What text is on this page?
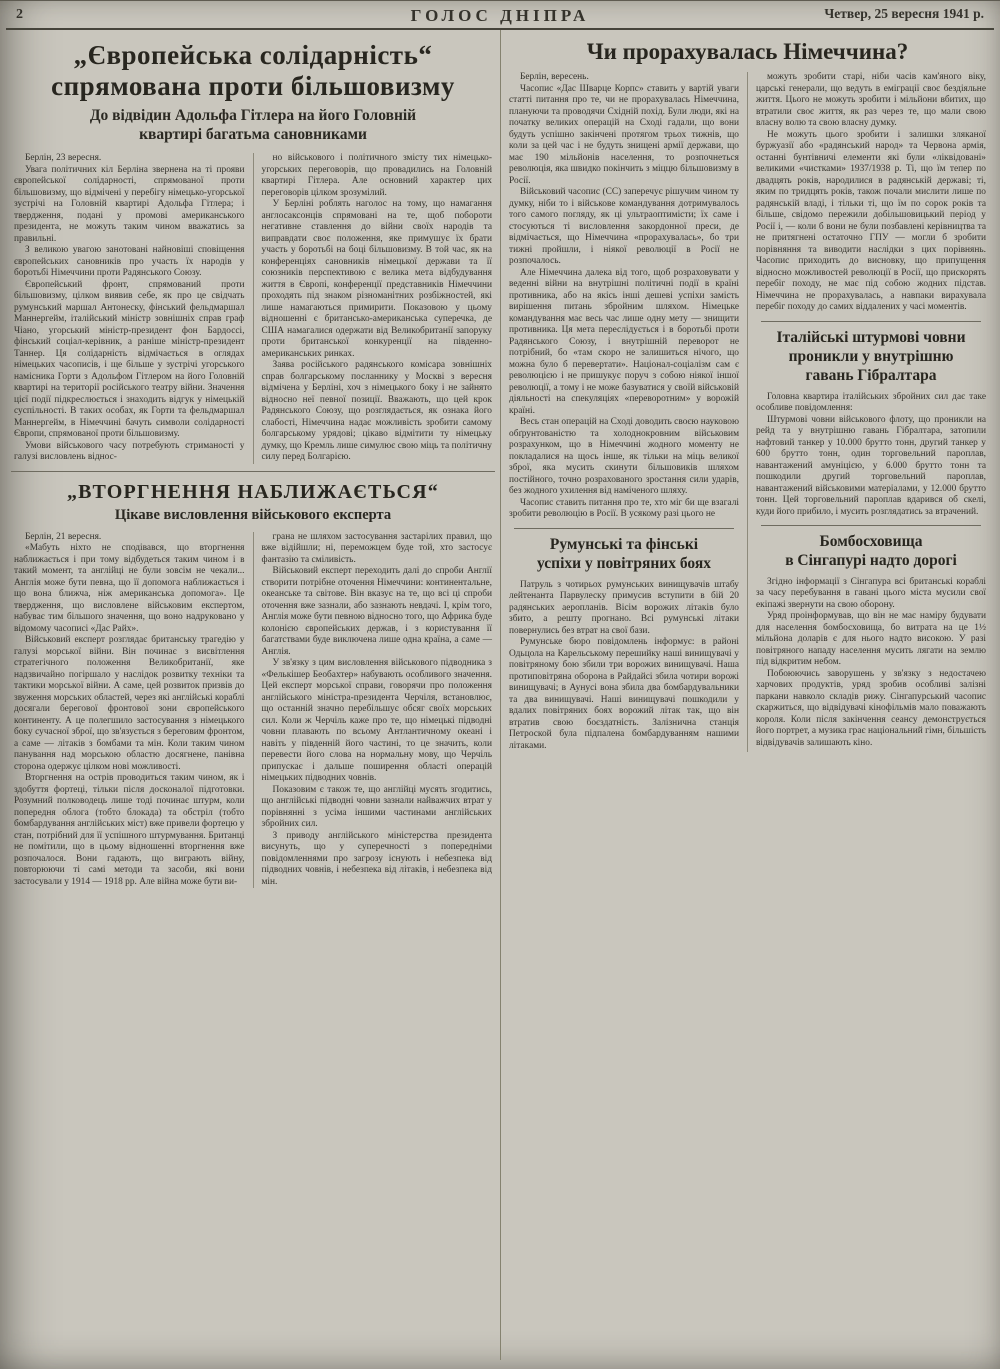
2	ГОЛОС ДНІПРА	Четвер, 25 вересня 1941 р.
„Європейська солідарність“
спрямована проти більшовизму
До відвідин Адольфа Гітлера на його Головній
квартирі багатьма сановниками

Берлін, 23 вересня.

Увага політичних кіл Берліна звернена на ті прояви європейської солідарності, спрямованої проти більшовизму, що відмічені у перебігу німецько-угорської зустрічі на Головній квартирі Адольфа Гітлера; і твердження, подані у промові американського президента, не можуть таким чином вважатись за правильні.

З великою увагою занотовані найновіші сповіщення європейських сановників про участь їх народів у боротьбі Німеччини проти Радянського Союзу.

Європейський фронт, спрямований проти більшовизму, цілком виявив себе, як про це свідчать румунський маршал Антонеску, фінський фельдмаршал Маннергейм, італійський міністр зовнішніх справ граф Чіано, угорський міністр-президент фон Бардоссі, фінський соціал-керівник, а раніше міністр-президент Таннер. Ця солідарність відмічається в оглядах німецьких часописів, і ще більше у зустрічі угорського намісника Горти з Адольфом Гітлером на його Головній квартирі на території російського театру війни. Значення цієї події підкреслюється і знаходить відгук у німецькій суспільності. В таких особах, як Горти та фельдмаршал Маннергейм, в Німеччині бачуть символи солідарності Європи, спрямованої проти більшовизму.

Умови військового часу потребують стриманості у галузі висловлень віднос-

но військового і політичного змісту тих німецько-угорських переговорів, що провадились на Головній квартирі Гітлера. Але основний характер цих переговорів цілком зрозумілий.

У Берліні роблять наголос на тому, що намагання англосаксонців спрямовані на те, щоб побороти негативне ставлення до війни своїх народів та виправдати своє положення, яке примушує їх брати участь у боротьбі на боці більшовизму. В той час, як на конференціях сановників німецької держави та її союзників перспективою є велика мета відбудування життя в Європі, конференції представників Німеччини проходять під знаком різноманітних розбіжностей, які лише намагаються примирити. Показовою у цьому відношенні є британсько-американська суперечка, де США намагалися одержати від Великобританії запоруку проти британської конкуренції на південно-американських ринках.

Заява російського радянського комісара зовнішніх справ болгарському посланнику у Москві з вересня відмічена у Берліні, хоч з німецького боку і не зайнято відносно неї певної позиції. Вважають, що цей крок Радянського Союзу, що розглядається, як ознака його слабості, Німеччина надає можливість зробити самому болгарському урядові; цікаво відмітити ту німецьку думку, що Кремль лише симулює свою міць та політичну силу перед Болгарією.

„ВТОРГНЕННЯ НАБЛИЖАЄТЬСЯ“
Цікаве висловлення військового експерта

Берлін, 21 вересня.

«Мабуть ніхто не сподівався, що вторгнення наближається і при тому відбудеться таким чином і в такий момент, та англійці не були зовсім не чекали... Англія може бути певна, що її допомога наближається і що вона ближча, ніж американська допомога». Це твердження, що висловлене військовим експертом, набуває тим більшого значення, що воно надруковано у відомому часописі «Дас Райх».

Військовий експерт розглядає британську трагедію у галузі морської війни. Він починає з висвітлення стратегічного положення Великобританії, яке надзвичайно погіршало у наслідок розвитку техніки та тактики морської війни. А саме, цей розвиток призвів до звуження морських областей, через які англійські кораблі досягали берегової фронтової зони європейського континенту. А це полегшило застосування з німецького боку сучасної зброї, що зв'язується з береговим фронтом, а саме — літаків з бомбами та мін. Коли таким чином панування над морською областю досягнене, панівна сторона одержує цілком нові можливості.

Вторгнення на острів проводиться таким чином, як і здобуття фортеці, тільки після досконалої підготовки. Розумний полководець лише тоді починає штурм, коли попередня облога (тобто блокада) та обстріл (тобто бомбардування англійських міст) вже привели фортецю у стан, потрібний для її успішного штурмування. Британці не помітили, що в цьому відношенні вторгнення вже розпочалося. Вони гадають, що виграють війну, повторюючи ті самі методи та засоби, які вони застосували у 1914 — 1918 рр. Але війна може бути ви-

грана не шляхом застосування застарілих правил, що вже відійшли; ні, переможцем буде той, хто застосує фантазію та сміливість.

Військовий експерт переходить далі до спроби Англії створити потрібне оточення Німеччини: континентальне, океанське та світове. Він вказує на те, що всі ці спроби оточення вже зазнали, або зазнають невдачі. І, крім того, Англія може бути певною відносно того, що Африка буде колонією європейських держав, і з користування її багатствами буде виключена лише одна країна, а саме — Англія.

У зв'язку з цим висловлення військового підводника з «Фелькішер Беобахтер» набувають особливого значення. Цей експерт морської справи, говорячи про положення англійського міністра-президента Черчіля, встановлює, що останній значно перебільшує обсяг своїх морських сил. Коли ж Черчіль каже про те, що німецькі підводні човни плавають по всьому Антлантичному океані і навіть у південній його частині, то це значить, коли перевести його слова на нормальну мову, що Черчіль припускає і дальше поширення області операцій німецьких підводних човнів.

Показовим є також те, що англійці мусять згодитись, що англійські підводні човни зазнали найважчих втрат у порівнянні з усіма іншими частинами англійських збройних сил.

З приводу англійського міністерства президента висунуть, що у суперечності з попередніми повідомленнями про загрозу існують і небезпека від підводних човнів, і небезпека від літаків, і небезпека від мін.

Чи прорахувалась Німеччина?

Берлін, вересень.

Часопис «Дас Шварце Корпс» ставить у вартій уваги статті питання про те, чи не прорахувалась Німеччина, плануючи та проводячи Східній похід. Були люди, які на початку великих операцій на Сході гадали, що вони будуть успішно закінчені протягом трьох тижнів, що коли за цей час і не будуть знищені армії держави, що має 190 мільйонів населення, то розпочнеться революція, яка швидко покінчить з міццю більшовизму в Росії.

Військовий часопис (СС) заперечує рішучим чином ту думку, ніби то і військове командування дотримувалось того самого погляду, як ці ультраоптимісти; їх саме і стосуються ті висловлення закордонної преси, де відмічається, що Німеччина «прорахувалась», бо три тижні пройшли, і ніякої революції в Росії не розпочалось.

Але Німеччина далека від того, щоб розраховувати у веденні війни на внутрішні політичні події в країні противника, або на якісь інші дешеві успіхи замість вирішення питань збройним шляхом. Німецьке командування має весь час лише одну мету — знищити противника. Ця мета переслідується і в боротьбі проти Радянського Союзу, і внутрішній переворот не потрібний, бо «там скоро не залишиться нічого, що можна було б перевертати». Націонал-соціалізм сам є революцією і не пришукує поруч з собою ніякої іншої революції, а тому і не може базуватися у своїй військовій діяльності на спекуляціях «переворотним» у ворожій країні.

Весь стан операцій на Сході доводить своєю науковою обґрунтованістю та холоднокровним військовим розрахунком, що в Німеччині жодного моменту не покладалися на щось інше, як тільки на міць великої зброї, яка мусить скинути більшовиків шляхом постійного, точно розрахованого зростання сили ударів, без жодного ухилення від наміченого шляху.

Часопис ставить питання про те, хто міг би ще взагалі зробити революцію в Росії. В усякому разі цього не

Румунські та фінські
успіхи у повітряних боях

Патруль з чотирьох румунських винищувачів штабу лейтенанта Парвулеску примусив вступити в бій 20 радянських аеропланів. Вісім ворожих літаків було збито, а решту прогнано. Всі румунські літаки повернулись без втрат на свої бази.

Румунське бюро повідомлень інформує: в районі Одьцола на Карельському перешийку наші винищувачі у повітряному бою збили три ворожих винищувачі. Наша протиповітряна оборона в Райдайсі збила чотири ворожі винищувачі; в Аунусі вона збила два бомбардувальники та два винищувачі. Наші винищувачі пошкодили у вдалих повітряних боях ворожий літак так, що він втратив свою боєздатність. Залізнична станція Петроской була підпалена бомбардуванням нашими літаками.

можуть зробити старі, ніби часів кам'яного віку, царські генерали, що ведуть в еміграції своє бездіяльне життя. Цього не можуть зробити і мільйони вбитих, що втратили своє життя, як раз через те, що мали свою власну волю та свою власну думку.

Не можуть цього зробити і залишки зляканої буржуазії або «радянський народ» та Червона армія, останні бунтівничі елементи які були «ліквідовані» великими «чистками» 1937/1938 р. Ті, що їм тепер по двадцять років, народилися в радянській державі; ті, яким по тридцять років, також почали мислити лише по радянській владі, і тільки ті, що їм по сорок років та більше, свідомо пережили добільшовицький період у Росії і, — коли б вони не були позбавлені керівництва та не притягнені остаточно ГПУ — могли б зробити порівняння та виводити наслідки з цих порівнянь. Часопис приходить до висновку, що припущення відносно можливостей революції в Росії, що прискорять перебіг походу, не має під собою жодних підстав. Німеччина не прорахувалась, а навпаки вирахувала перебіг походу до самих віддалених у часі моментів.

Італійські штурмові човни
проникли у внутрішню
гавань Гібралтара

Головна квартира італійських збройних сил дає таке особливе повідомлення:

Штурмові човни військового флоту, що проникли на рейд та у внутрішню гавань Гібралтара, затопили нафтовий танкер у 10.000 брутто тонн, другий танкер у 600 брутто тонн, один торговельний пароплав, навантажений амуніцією, у 6.000 брутто тонн та пошкодили другий торговельний пароплав, навантажений військовими матеріалами, у 12.000 брутто тонн. Цей торговельний пароплав вдарився об скелі, куди його прибило, і мусить розглядатись за втрачений.

Бомбосховища
в Сінгапурі надто дорогі

Згідно інформації з Сінгапура всі британські кораблі за часу перебування в гавані цього міста мусили свої екіпажі звернути на свою оборону.

Уряд проінформував, що він не має наміру будувати для населення бомбосховища, бо витрата на це 1½ мільйона доларів є для нього надто високою. У разі повітряного нападу населення мусить лягати на землю під відкритим небом.

Побоюючись заворушень у зв'язку з недостачею харчових продуктів, уряд зробив особливі залізні паркани навколо складів рижу. Сінгапурський часопис скаржиться, що відвідувачі кінофільмів мало поважають короля. Коли після закінчення сеансу демонструється його портрет, а музика грає національний гімн, більшість відвідувачів залишають кіно.
